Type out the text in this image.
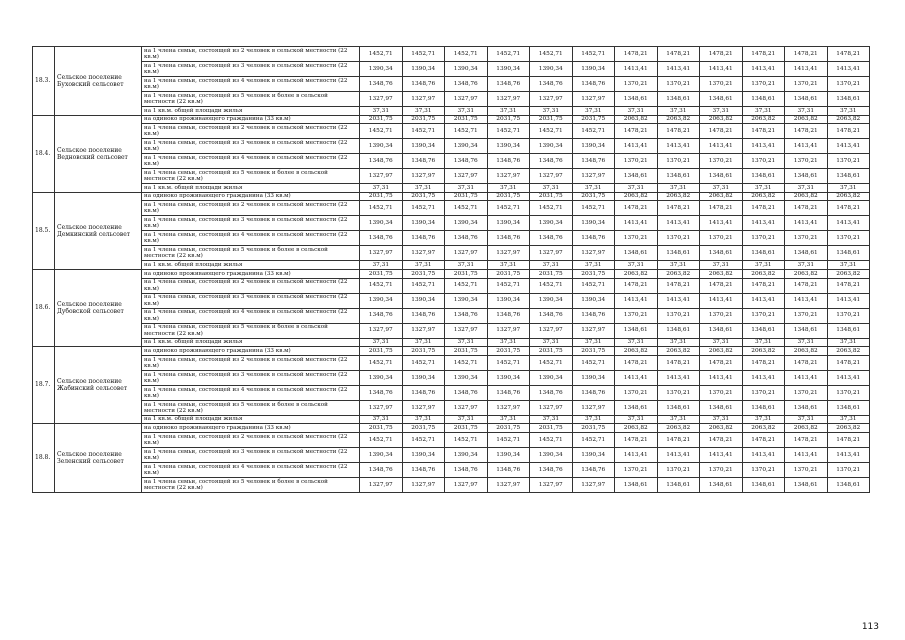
18.3.	Сельское поселение Буховский сельсовет	на 1 члена семьи, состоящей из 2 человек в сельской местности (22 кв.м)	1452,71	1452,71	1452,71	1452,71	1452,71	1452,71	1478,21	1478,21	1478,21	1478,21	1478,21	1478,21
		на 1 члена семьи, состоящей из 3 человек в сельской местности (22 кв.м)	1390,34	1390,34	1390,34	1390,34	1390,34	1390,34	1413,41	1413,41	1413,41	1413,41	1413,41	1413,41
		на 1 члена семьи, состоящей из 4 человек в сельской местности (22 кв.м)	1348,76	1348,76	1348,76	1348,76	1348,76	1348,76	1370,21	1370,21	1370,21	1370,21	1370,21	1370,21
		на 1 члена семьи, состоящей из 5 человек и более в сельской местности (22 кв.м)	1327,97	1327,97	1327,97	1327,97	1327,97	1327,97	1348,61	1348,61	1348,61	1348,61	1348,61	1348,61
		на 1 кв.м. общей площади жилья	37,31	37,31	37,31	37,31	37,31	37,31	37,31	37,31	37,31	37,31	37,31	37,31
18.4.	Сельское поселение Ведновский сельсовет	на одиноко проживающего гражданина (33 кв.м)	2031,75	2031,75	2031,75	2031,75	2031,75	2031,75	2063,82	2063,82	2063,82	2063,82	2063,82	2063,82
		на 1 члена семьи, состоящей из 2 человек в сельской местности (22 кв.м)	1452,71	1452,71	1452,71	1452,71	1452,71	1452,71	1478,21	1478,21	1478,21	1478,21	1478,21	1478,21
		на 1 члена семьи, состоящей из 3 человек в сельской местности (22 кв.м)	1390,34	1390,34	1390,34	1390,34	1390,34	1390,34	1413,41	1413,41	1413,41	1413,41	1413,41	1413,41
		на 1 члена семьи, состоящей из 4 человек в сельской местности (22 кв.м)	1348,76	1348,76	1348,76	1348,76	1348,76	1348,76	1370,21	1370,21	1370,21	1370,21	1370,21	1370,21
		на 1 члена семьи, состоящей из 5 человек и более в сельской местности (22 кв.м)	1327,97	1327,97	1327,97	1327,97	1327,97	1327,97	1348,61	1348,61	1348,61	1348,61	1348,61	1348,61
		на 1 кв.м. общей площади жилья	37,31	37,31	37,31	37,31	37,31	37,31	37,31	37,31	37,31	37,31	37,31	37,31
18.5.	Сельское поселение Демкинский сельсовет	на одиноко проживающего гражданина (33 кв.м)	2031,75	2031,75	2031,75	2031,75	2031,75	2031,75	2063,82	2063,82	2063,82	2063,82	2063,82	2063,82
		на 1 члена семьи, состоящей из 2 человек в сельской местности (22 кв.м)	1452,71	1452,71	1452,71	1452,71	1452,71	1452,71	1478,21	1478,21	1478,21	1478,21	1478,21	1478,21
		на 1 члена семьи, состоящей из 3 человек в сельской местности (22 кв.м)	1390,34	1390,34	1390,34	1390,34	1390,34	1390,34	1413,41	1413,41	1413,41	1413,41	1413,41	1413,41
		на 1 члена семьи, состоящей из 4 человек в сельской местности (22 кв.м)	1348,76	1348,76	1348,76	1348,76	1348,76	1348,76	1370,21	1370,21	1370,21	1370,21	1370,21	1370,21
		на 1 члена семьи, состоящей из 5 человек и более в сельской местности (22 кв.м)	1327,97	1327,97	1327,97	1327,97	1327,97	1327,97	1348,61	1348,61	1348,61	1348,61	1348,61	1348,61
		на 1 кв.м. общей площади жилья	37,31	37,31	37,31	37,31	37,31	37,31	37,31	37,31	37,31	37,31	37,31	37,31
18.6.	Сельское поселение Дубовской сельсовет	на одиноко проживающего гражданина (33 кв.м)	2031,75	2031,75	2031,75	2031,75	2031,75	2031,75	2063,82	2063,82	2063,82	2063,82	2063,82	2063,82
		на 1 члена семьи, состоящей из 2 человек в сельской местности (22 кв.м)	1452,71	1452,71	1452,71	1452,71	1452,71	1452,71	1478,21	1478,21	1478,21	1478,21	1478,21	1478,21
		на 1 члена семьи, состоящей из 3 человек в сельской местности (22 кв.м)	1390,34	1390,34	1390,34	1390,34	1390,34	1390,34	1413,41	1413,41	1413,41	1413,41	1413,41	1413,41
		на 1 члена семьи, состоящей из 4 человек в сельской местности (22 кв.м)	1348,76	1348,76	1348,76	1348,76	1348,76	1348,76	1370,21	1370,21	1370,21	1370,21	1370,21	1370,21
		на 1 члена семьи, состоящей из 5 человек и более в сельской местности (22 кв.м)	1327,97	1327,97	1327,97	1327,97	1327,97	1327,97	1348,61	1348,61	1348,61	1348,61	1348,61	1348,61
		на 1 кв.м. общей площади жилья	37,31	37,31	37,31	37,31	37,31	37,31	37,31	37,31	37,31	37,31	37,31	37,31
18.7.	Сельское поселение Жабинский сельсовет	на одиноко проживающего гражданина (33 кв.м)	2031,75	2031,75	2031,75	2031,75	2031,75	2031,75	2063,82	2063,82	2063,82	2063,82	2063,82	2063,82
		на 1 члена семьи, состоящей из 2 человек в сельской местности (22 кв.м)	1452,71	1452,71	1452,71	1452,71	1452,71	1452,71	1478,21	1478,21	1478,21	1478,21	1478,21	1478,21
		на 1 члена семьи, состоящей из 3 человек в сельской местности (22 кв.м)	1390,34	1390,34	1390,34	1390,34	1390,34	1390,34	1413,41	1413,41	1413,41	1413,41	1413,41	1413,41
		на 1 члена семьи, состоящей из 4 человек в сельской местности (22 кв.м)	1348,76	1348,76	1348,76	1348,76	1348,76	1348,76	1370,21	1370,21	1370,21	1370,21	1370,21	1370,21
		на 1 члена семьи, состоящей из 5 человек и более в сельской местности (22 кв.м)	1327,97	1327,97	1327,97	1327,97	1327,97	1327,97	1348,61	1348,61	1348,61	1348,61	1348,61	1348,61
		на 1 кв.м. общей площади жилья	37,31	37,31	37,31	37,31	37,31	37,31	37,31	37,31	37,31	37,31	37,31	37,31
18.8.	Сельское поселение Зеленский сельсовет	на одиноко проживающего гражданина (33 кв.м)	2031,75	2031,75	2031,75	2031,75	2031,75	2031,75	2063,82	2063,82	2063,82	2063,82	2063,82	2063,82
		на 1 члена семьи, состоящей из 2 человек в сельской местности (22 кв.м)	1452,71	1452,71	1452,71	1452,71	1452,71	1452,71	1478,21	1478,21	1478,21	1478,21	1478,21	1478,21
		на 1 члена семьи, состоящей из 3 человек в сельской местности (22 кв.м)	1390,34	1390,34	1390,34	1390,34	1390,34	1390,34	1413,41	1413,41	1413,41	1413,41	1413,41	1413,41
		на 1 члена семьи, состоящей из 4 человек в сельской местности (22 кв.м)	1348,76	1348,76	1348,76	1348,76	1348,76	1348,76	1370,21	1370,21	1370,21	1370,21	1370,21	1370,21
		на 1 члена семьи, состоящей из 5 человек и более в сельской местности (22 кв.м)	1327,97	1327,97	1327,97	1327,97	1327,97	1327,97	1348,61	1348,61	1348,61	1348,61	1348,61	1348,61
113
